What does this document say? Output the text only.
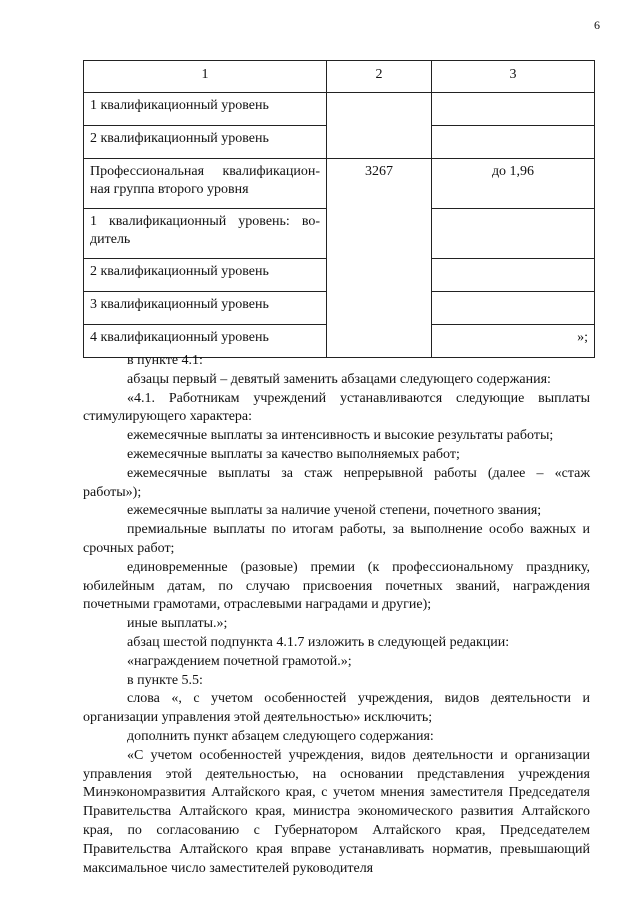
6
1	2	3
1 квалификационный уровень		
2 квалификационный уровень		
Профессиональная квалификацион-ная группа второго уровня	3267	до 1,96
1 квалификационный уровень: во-дитель		
2 квалификационный уровень		
3 квалификационный уровень		
4 квалификационный уровень		»;

в пункте 4.1:

абзацы первый – девятый заменить абзацами следующего содержания:

«4.1. Работникам учреждений устанавливаются следующие выплаты стимулирующего характера:

ежемесячные выплаты за интенсивность и высокие результаты работы;

ежемесячные выплаты за качество выполняемых работ;

ежемесячные выплаты за стаж непрерывной работы (далее – «стаж работы»);

ежемесячные выплаты за наличие ученой степени, почетного звания;

премиальные выплаты по итогам работы, за выполнение особо важных и срочных работ;

единовременные (разовые) премии (к профессиональному празднику, юбилейным датам, по случаю присвоения почетных званий, награждения почетными грамотами, отраслевыми наградами и другие);

иные выплаты.»;

абзац шестой подпункта 4.1.7 изложить в следующей редакции:

«награждением почетной грамотой.»;

в пункте 5.5:

слова «, с учетом особенностей учреждения, видов деятельности и организации управления этой деятельностью» исключить;

дополнить пункт абзацем следующего содержания:

«С учетом особенностей учреждения, видов деятельности и организации управления этой деятельностью, на основании представления учреждения Минэкономразвития Алтайского края, с учетом мнения заместителя Председателя Правительства Алтайского края, министра экономического развития Алтайского края, по согласованию с Губернатором Алтайского края, Председателем Правительства Алтайского края вправе устанавливать норматив, превышающий максимальное число заместителей руководителя
